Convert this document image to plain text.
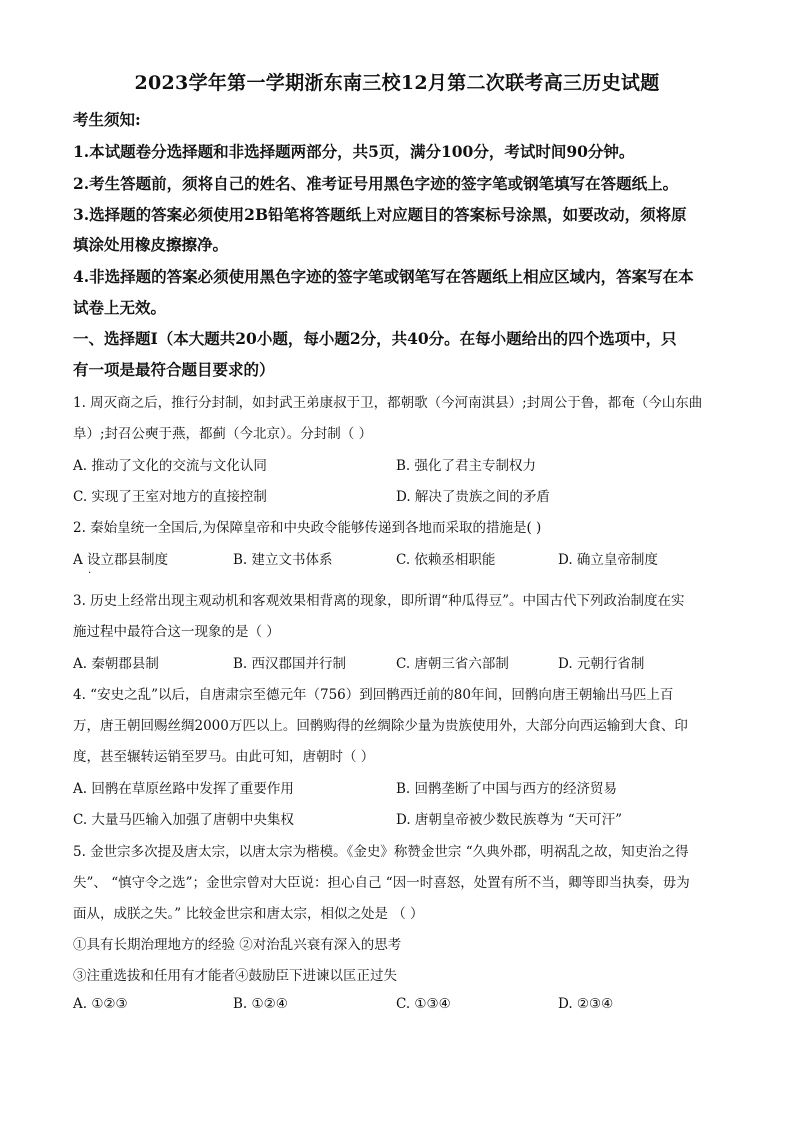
2023学年第一学期浙东南三校12月第二次联考高三历史试题
考生须知:
1.本试题卷分选择题和非选择题两部分，共5页，满分100分，考试时间90分钟。
2.考生答题前，须将自己的姓名、准考证号用黑色字迹的签字笔或钢笔填写在答题纸上。
3.选择题的答案必须使用2B铅笔将答题纸上对应题目的答案标号涂黑，如要改动，须将原
填涂处用橡皮擦擦净。
4.非选择题的答案必须使用黑色字迹的签字笔或钢笔写在答题纸上相应区域内，答案写在本
试卷上无效。
一、选择题Ⅰ（本大题共20小题，每小题2分，共40分。在每小题给出的四个选项中，只
有一项是最符合题目要求的）
1. 周灭商之后，推行分封制，如封武王弟康叔于卫，都朝歌（今河南淇县）;封周公于鲁，都奄（今山东曲
阜）;封召公奭于燕，都蓟（今北京）。分封制（ ）
A. 推动了文化的交流与文化认同	B. 强化了君主专制权力
C. 实现了王室对地方的直接控制	D. 解决了贵族之间的矛盾
2. 秦始皇统一全国后,为保障皇帝和中央政令能够传递到各地而采取的措施是( )
A 设立郡县制度	B. 建立文书体系	C. 依赖丞相职能	D. 确立皇帝制度
.
3. 历史上经常出现主观动机和客观效果相背离的现象，即所谓“种瓜得豆”。中国古代下列政治制度在实
施过程中最符合这一现象的是（ ）
A. 秦朝郡县制	B. 西汉郡国并行制	C. 唐朝三省六部制	D. 元朝行省制
4. “安史之乱”以后，自唐肃宗至德元年（756）到回鹘西迁前的80年间，回鹘向唐王朝输出马匹上百
万，唐王朝回赐丝绸2000万匹以上。回鹘购得的丝绸除少量为贵族使用外，大部分向西运输到大食、印
度，甚至辗转运销至罗马。由此可知，唐朝时（ ）
A. 回鹘在草原丝路中发挥了重要作用	B. 回鹘垄断了中国与西方的经济贸易
C. 大量马匹输入加强了唐朝中央集权	D. 唐朝皇帝被少数民族尊为 “天可汗”
5. 金世宗多次提及唐太宗，以唐太宗为楷模。《金史》称赞金世宗 “久典外郡，明祸乱之故，知吏治之得
失”、 “慎守令之选”；金世宗曾对大臣说：担心自己 “因一时喜怒，处置有所不当，卿等即当执奏，毋为
面从，成朕之失。” 比较金世宗和唐太宗，相似之处是 （ ）
①具有长期治理地方的经验 ②对治乱兴衰有深入的思考
③注重选拔和任用有才能者④鼓励臣下进谏以匡正过失
A. ①②③	B. ①②④	C. ①③④	D. ②③④
